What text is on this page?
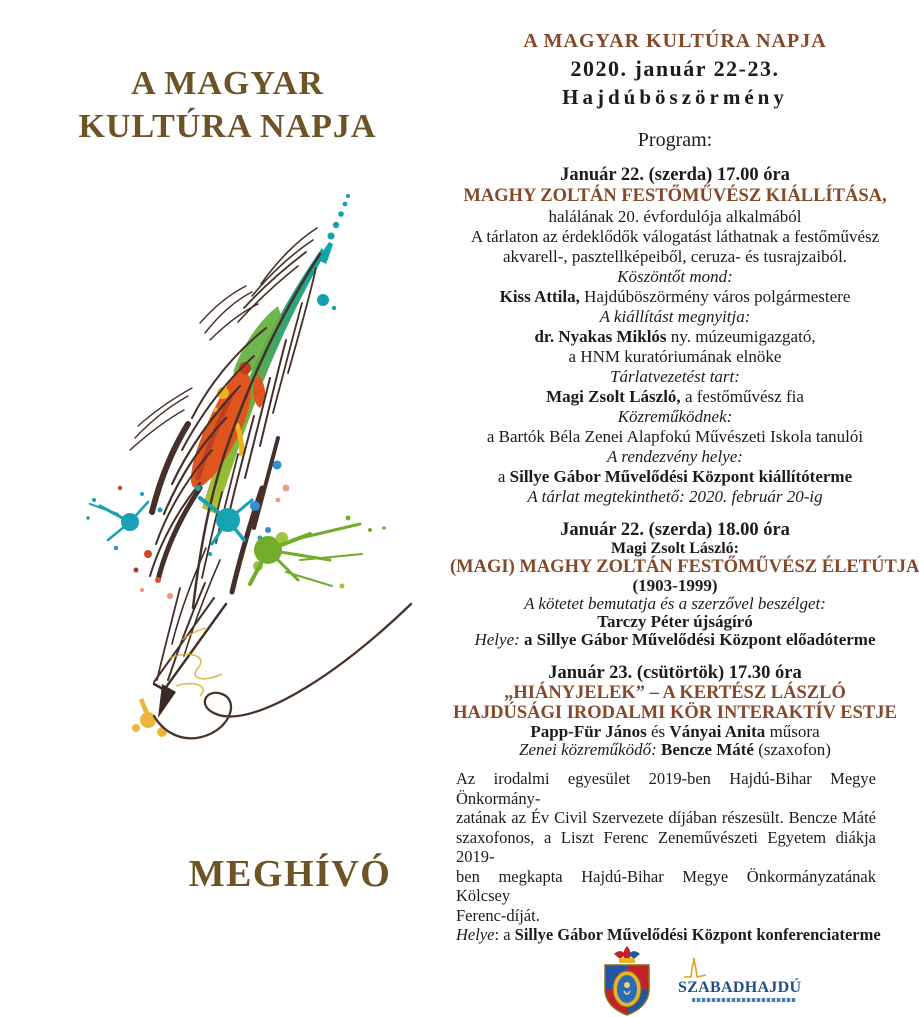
A MAGYAR
KULTÚRA NAPJA
MEGHÍVÓ
A MAGYAR KULTÚRA NAPJA
2020. január 22-23.
Hajdúböszörmény
Program:
Január 22. (szerda) 17.00 óra
MAGHY ZOLTÁN FESTŐMŰVÉSZ KIÁLLÍTÁSA,
halálának 20. évfordulója alkalmából
A tárlaton az érdeklődők válogatást láthatnak a festőművész
akvarell-, pasztellképeiből, ceruza- és tusrajzaiból.
Köszöntőt mond:
Kiss Attila, Hajdúböszörmény város polgármestere
A kiállítást megnyitja:
dr. Nyakas Miklós ny. múzeumigazgató,
a HNM kuratóriumának elnöke
Tárlatvezetést tart:
Magi Zsolt László, a festőművész fia
Közreműködnek:
a Bartók Béla Zenei Alapfokú Művészeti Iskola tanulói
A rendezvény helye:
a Sillye Gábor Művelődési Központ kiállítóterme
A tárlat megtekinthető: 2020. február 20-ig
Január 22. (szerda) 18.00 óra
Magi Zsolt László:
(MAGI) MAGHY ZOLTÁN FESTŐMŰVÉSZ ÉLETÚTJA
(1903-1999)
A kötetet bemutatja és a szerzővel beszélget:
Tarczy Péter újságíró
Helye: a Sillye Gábor Művelődési Központ előadóterme
Január 23. (csütörtök) 17.30 óra
„HIÁNYJELEK” – A KERTÉSZ LÁSZLÓ
HAJDÚSÁGI IRODALMI KÖR INTERAKTÍV ESTJE
Papp-Für János és Ványai Anita műsora
Zenei közreműködő: Bencze Máté (szaxofon)
Az irodalmi egyesület 2019-ben Hajdú-Bihar Megye Önkormány-
zatának az Év Civil Szervezete díjában részesült. Bencze Máté
szaxofonos, a Liszt Ferenc Zeneművészeti Egyetem diákja 2019-
ben megkapta Hajdú-Bihar Megye Önkormányzatának Kölcsey
Ferenc-díját.
Helye: a Sillye Gábor Művelődési Központ konferenciaterme
SZABADHAJDÚ
